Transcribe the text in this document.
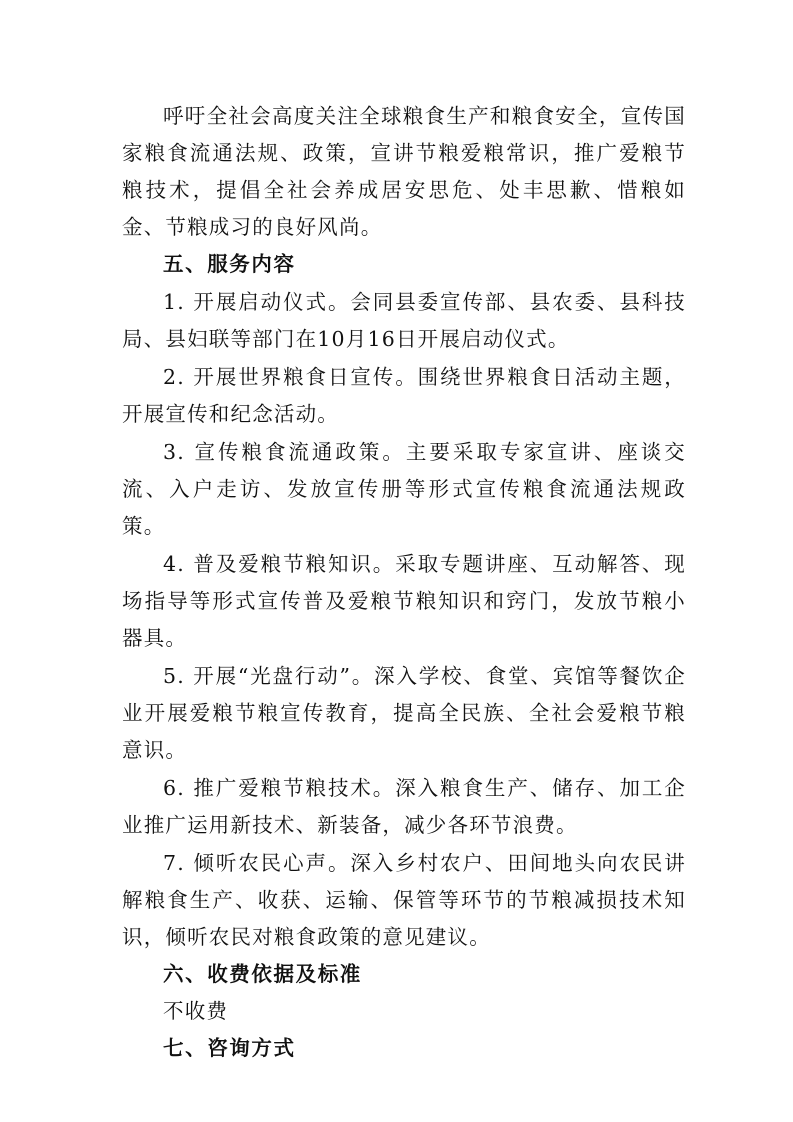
呼吁全社会高度关注全球粮食生产和粮食安全，宣传国家粮食流通法规、政策，宣讲节粮爱粮常识，推广爱粮节粮技术，提倡全社会养成居安思危、处丰思歉、惜粮如金、节粮成习的良好风尚。

五、服务内容

1. 开展启动仪式。会同县委宣传部、县农委、县科技局、县妇联等部门在10月16日开展启动仪式。

2. 开展世界粮食日宣传。围绕世界粮食日活动主题，开展宣传和纪念活动。

3. 宣传粮食流通政策。主要采取专家宣讲、座谈交流、入户走访、发放宣传册等形式宣传粮食流通法规政策。

4. 普及爱粮节粮知识。采取专题讲座、互动解答、现场指导等形式宣传普及爱粮节粮知识和窍门，发放节粮小器具。

5. 开展“光盘行动”。深入学校、食堂、宾馆等餐饮企业开展爱粮节粮宣传教育，提高全民族、全社会爱粮节粮意识。

6. 推广爱粮节粮技术。深入粮食生产、储存、加工企业推广运用新技术、新装备，减少各环节浪费。

7. 倾听农民心声。深入乡村农户、田间地头向农民讲解粮食生产、收获、运输、保管等环节的节粮减损技术知识，倾听农民对粮食政策的意见建议。

六、收费依据及标准

不收费

七、咨询方式
